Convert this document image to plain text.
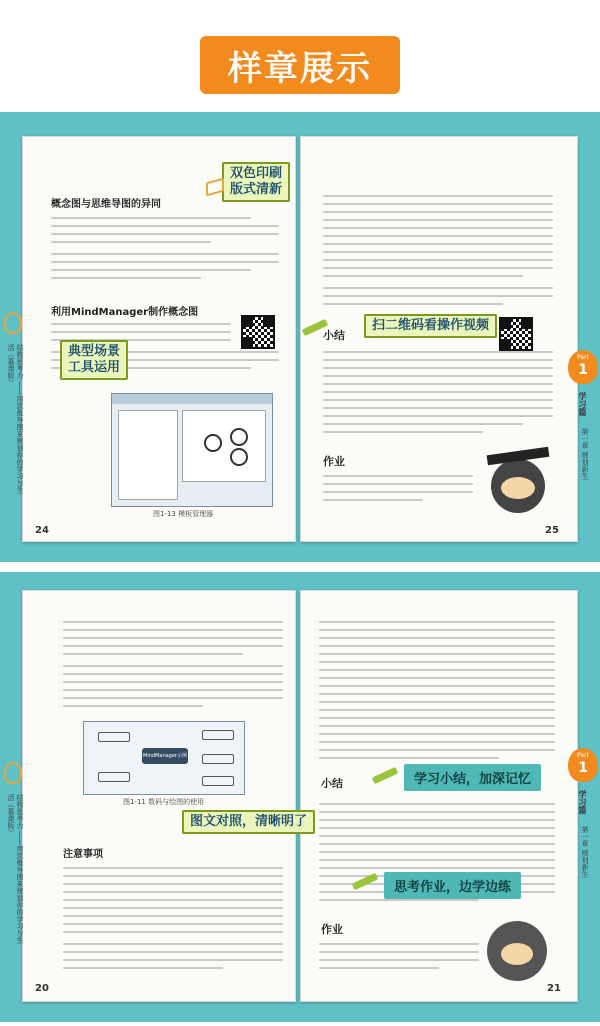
样章展示
概念图与思维导图的异同
利用MindManager制作概念图
图1-13 模板管理器
24
结构思考力 ——用思维导图来规划你的学习与生活（慕课版）
小结
作业
25
Part
1
学习篇
第一章 规划新生
双色印刷
版式清新
典型场景
工具运用
扫二维码看操作视频
MindManager示例
图1-11 数码与绘图的使用
注意事项
20
结构思考力 ——用思维导图来规划你的学习与生活（慕课版）
小结
作业
21
Part
1
学习篇
第一章 规划新生
图文对照，清晰明了
学习小结，加深记忆
思考作业，边学边练
